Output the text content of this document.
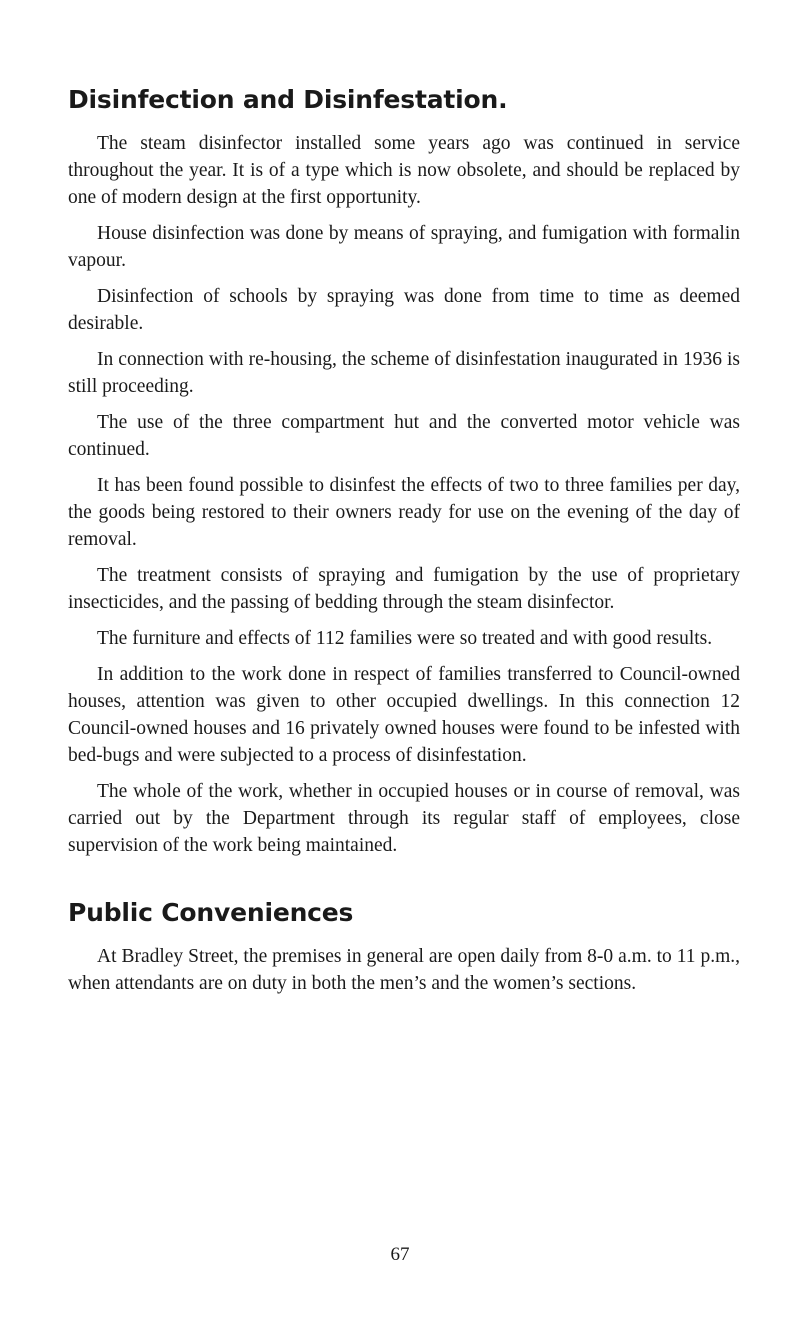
Disinfection and Disinfestation.

The steam disinfector installed some years ago was continued in service throughout the year. It is of a type which is now obsolete, and should be replaced by one of modern design at the first opportunity.

House disinfection was done by means of spraying, and fumigation with formalin vapour.

Disinfection of schools by spraying was done from time to time as deemed desirable.

In connection with re-housing, the scheme of disinfestation inaugurated in 1936 is still proceeding.

The use of the three compartment hut and the converted motor vehicle was continued.

It has been found possible to disinfest the effects of two to three families per day, the goods being restored to their owners ready for use on the evening of the day of removal.

The treatment consists of spraying and fumigation by the use of proprietary insecticides, and the passing of bedding through the steam disinfector.

The furniture and effects of 112 families were so treated and with good results.

In addition to the work done in respect of families transferred to Council-owned houses, attention was given to other occupied dwellings. In this connection 12 Council-owned houses and 16 privately owned houses were found to be infested with bed-bugs and were subjected to a process of disinfestation.

The whole of the work, whether in occupied houses or in course of removal, was carried out by the Department through its regular staff of employees, close supervision of the work being maintained.

Public Conveniences

At Bradley Street, the premises in general are open daily from 8-0 a.m. to 11 p.m., when attendants are on duty in both the men’s and the women’s sections.

67
